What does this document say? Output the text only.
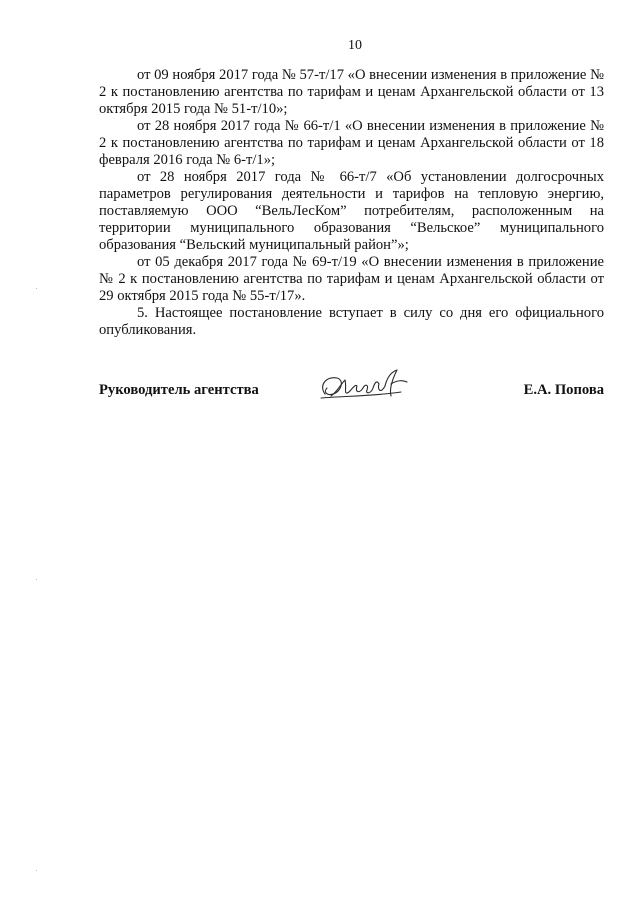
10

от 09 ноября 2017 года № 57-т/17 «О внесении изменения в приложение № 2 к постановлению агентства по тарифам и ценам Архангельской области от 13 октября 2015 года № 51-т/10»;

от 28 ноября 2017 года № 66-т/1 «О внесении изменения в приложение № 2 к постановлению агентства по тарифам и ценам Архангельской области от 18 февраля 2016 года № 6-т/1»;

от 28 ноября 2017 года № 66-т/7 «Об установлении долгосрочных параметров регулирования деятельности и тарифов на тепловую энергию, поставляемую ООО “ВельЛесКом” потребителям, расположенным на территории муниципального образования “Вельское” муниципального образования “Вельский муниципальный район”»;

от 05 декабря 2017 года № 69-т/19 «О внесении изменения в приложение № 2 к постановлению агентства по тарифам и ценам Архангельской области от 29 октября 2015 года № 55-т/17».

5. Настоящее постановление вступает в силу со дня его официального опубликования.

Руководитель агентства	Е.А. Попова
